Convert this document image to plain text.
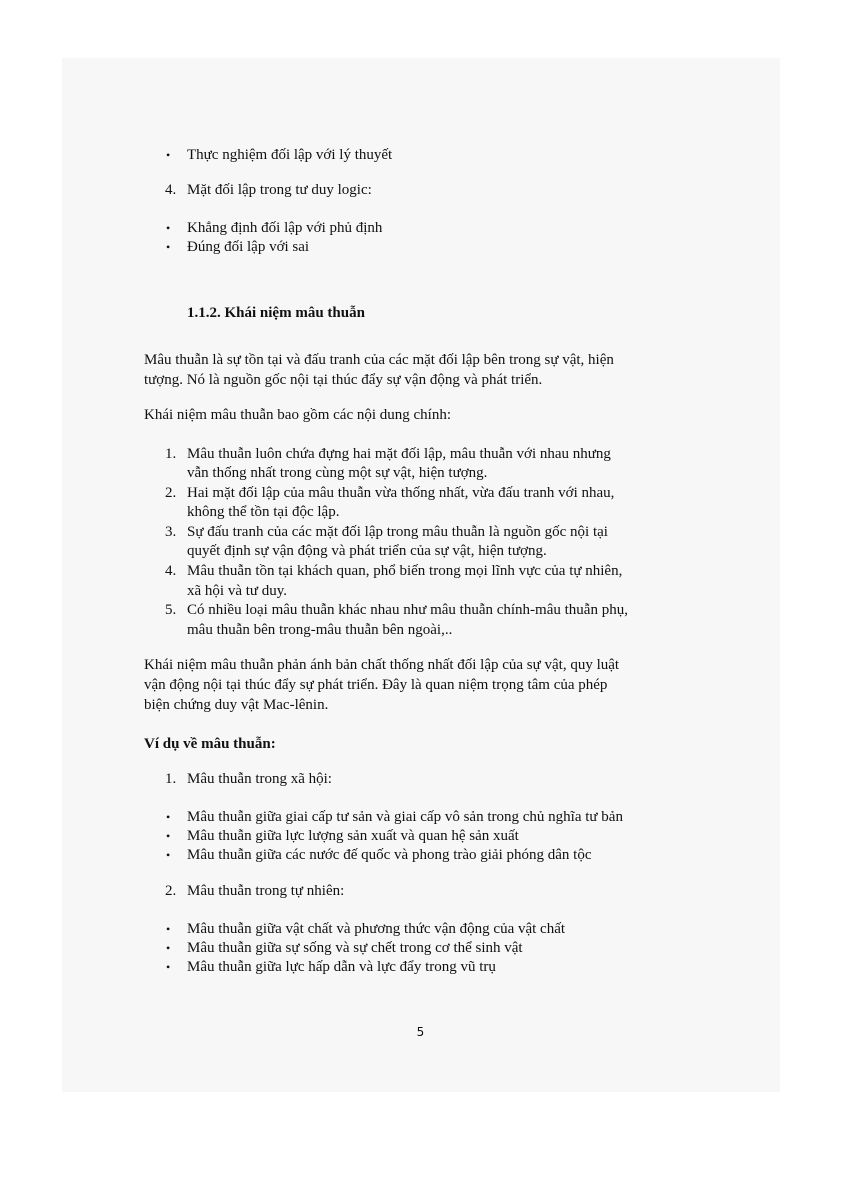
• Thực nghiệm đối lập với lý thuyết
4. Mặt đối lập trong tư duy logic:
• Khẳng định đối lập với phủ định
• Đúng đối lập với sai
1.1.2. Khái niệm mâu thuẫn
Mâu thuẫn là sự tồn tại và đấu tranh của các mặt đối lập bên trong sự vật, hiện
tượng. Nó là nguồn gốc nội tại thúc đẩy sự vận động và phát triển.
Khái niệm mâu thuẫn bao gồm các nội dung chính:
1. Mâu thuẫn luôn chứa đựng hai mặt đối lập, mâu thuẫn với nhau nhưng
vẫn thống nhất trong cùng một sự vật, hiện tượng.
2. Hai mặt đối lập của mâu thuẫn vừa thống nhất, vừa đấu tranh với nhau,
không thể tồn tại độc lập.
3. Sự đấu tranh của các mặt đối lập trong mâu thuẫn là nguồn gốc nội tại
quyết định sự vận động và phát triển của sự vật, hiện tượng.
4. Mâu thuẫn tồn tại khách quan, phổ biến trong mọi lĩnh vực của tự nhiên,
xã hội và tư duy.
5. Có nhiều loại mâu thuẫn khác nhau như mâu thuẫn chính-mâu thuẫn phụ,
mâu thuẫn bên trong-mâu thuẫn bên ngoài,..
Khái niệm mâu thuẫn phản ánh bản chất thống nhất đối lập của sự vật, quy luật
vận động nội tại thúc đẩy sự phát triển. Đây là quan niệm trọng tâm của phép
biện chứng duy vật Mac-lênin.
Ví dụ về mâu thuẫn:
1. Mâu thuẫn trong xã hội:
• Mâu thuẫn giữa giai cấp tư sản và giai cấp vô sản trong chủ nghĩa tư bản
• Mâu thuẫn giữa lực lượng sản xuất và quan hệ sản xuất
• Mâu thuẫn giữa các nước đế quốc và phong trào giải phóng dân tộc
2. Mâu thuẫn trong tự nhiên:
• Mâu thuẫn giữa vật chất và phương thức vận động của vật chất
• Mâu thuẫn giữa sự sống và sự chết trong cơ thể sinh vật
• Mâu thuẫn giữa lực hấp dẫn và lực đẩy trong vũ trụ
5
